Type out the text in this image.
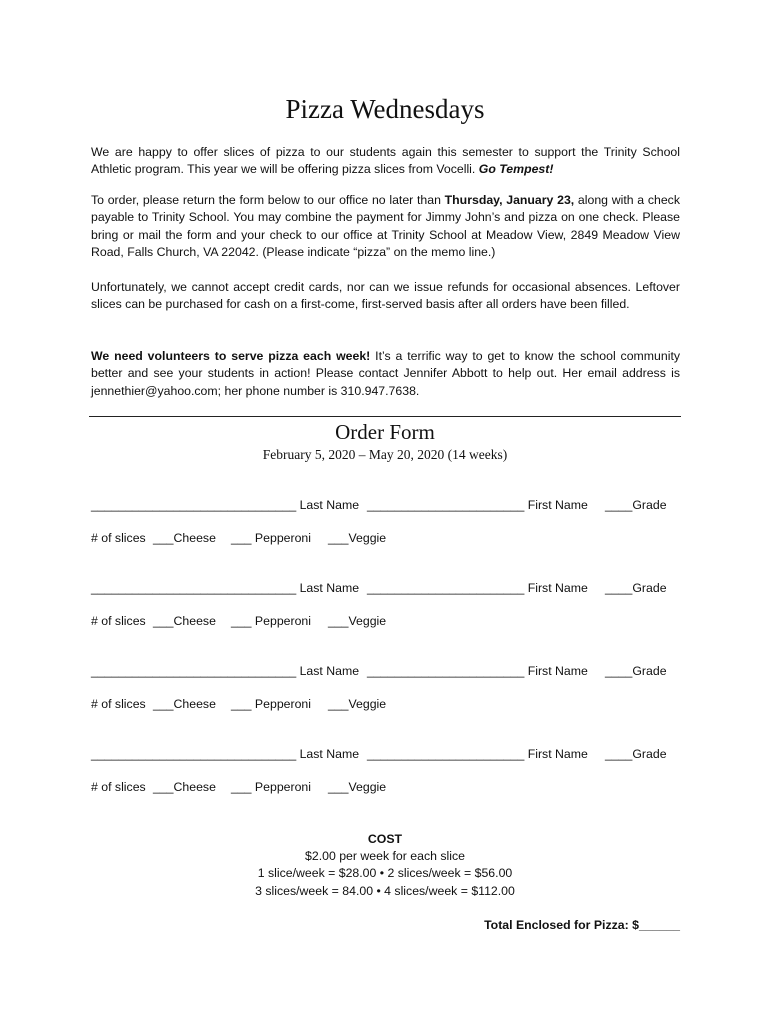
Pizza Wednesdays
We are happy to offer slices of pizza to our students again this semester to support the Trinity School Athletic program. This year we will be offering pizza slices from Vocelli. Go Tempest!
To order, please return the form below to our office no later than Thursday, January 23, along with a check payable to Trinity School. You may combine the payment for Jimmy John’s and pizza on one check. Please bring or mail the form and your check to our office at Trinity School at Meadow View, 2849 Meadow View Road, Falls Church, VA 22042. (Please indicate “pizza” on the memo line.)
Unfortunately, we cannot accept credit cards, nor can we issue refunds for occasional absences. Leftover slices can be purchased for cash on a first-come, first-served basis after all orders have been filled.
We need volunteers to serve pizza each week! It’s a terrific way to get to know the school community better and see your students in action! Please contact Jennifer Abbott to help out. Her email address is jennethier@yahoo.com; her phone number is 310.947.7638.
Order Form
February 5, 2020 – May 20, 2020 (14 weeks)
______________________________ Last Name _______________________ First Name ____Grade
# of slices ___Cheese ___ Pepperoni ___Veggie
______________________________ Last Name _______________________ First Name ____Grade
# of slices ___Cheese ___ Pepperoni ___Veggie
______________________________ Last Name _______________________ First Name ____Grade
# of slices ___Cheese ___ Pepperoni ___Veggie
______________________________ Last Name _______________________ First Name ____Grade
# of slices ___Cheese ___ Pepperoni ___Veggie
COST
$2.00 per week for each slice
1 slice/week = $28.00 • 2 slices/week = $56.00
3 slices/week = 84.00 • 4 slices/week = $112.00
Total Enclosed for Pizza: $______
